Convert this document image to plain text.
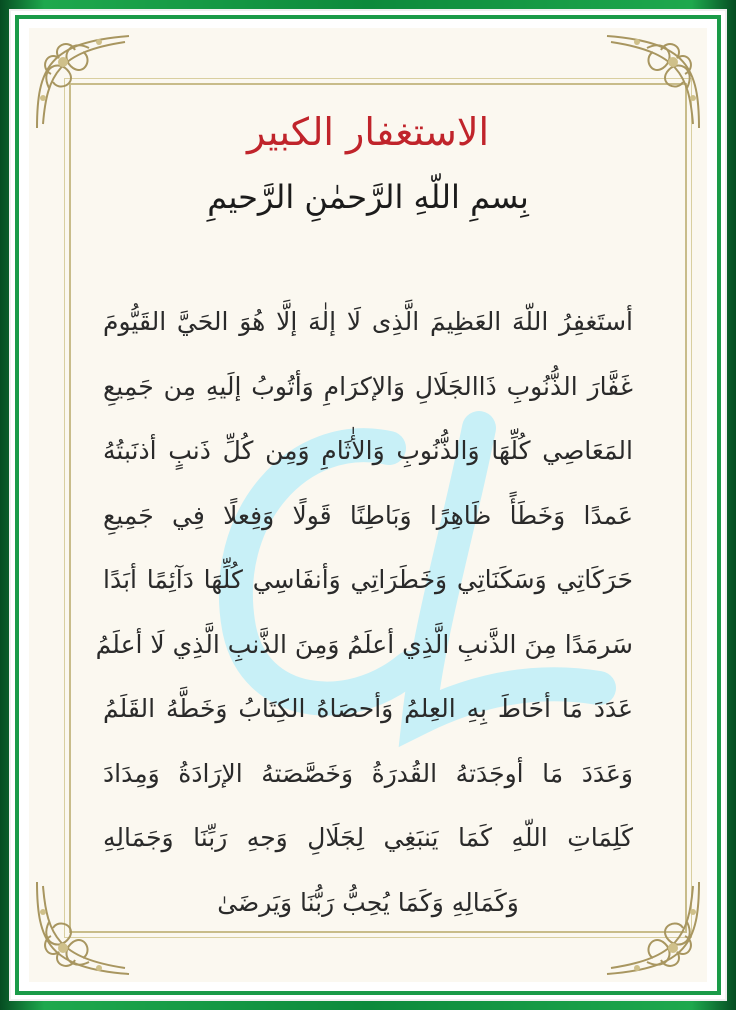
الاستغفار الكبير
بِسمِ اللّهِ الرَّحمٰنِ الرَّحيمِ
أستَغفِرُ اللّهَ العَظِيمَ الَّذِى لَا إلٰهَ إلَّا هُوَ الحَيَّ القَيُّومَ
غَفَّارَ الذُّنُوبِ ذَاالجَلَالِ وَالإكرَامِ وَأتُوبُ إلَيهِ مِن جَمِيعِ
المَعَاصِي كُلِّهَا وَالذُّنُوبِ وَالأٰثَامِ وَمِن كُلِّ ذَنبٍ أذنَبتُهُ
عَمدًا وَخَطَأً ظَاهِرًا وَبَاطِنًا قَولًا وَفِعلًا فِي جَمِيعِ
حَرَكَاتِي وَسَكَنَاتِي وَخَطَرَاتِي وَأنفَاسِي كُلِّهَا دَآئِمًا أبَدًا
سَرمَدًا مِنَ الذَّنبِ الَّذِي أعلَمُ وَمِنَ الذَّنبِ الَّذِي لَا أعلَمُ
عَدَدَ مَا أحَاطَ بِهِ العِلمُ وَأحصَاهُ الكِتَابُ وَخَطَّهُ القَلَمُ
وَعَدَدَ مَا أوجَدَتهُ القُدرَةُ وَخَصَّصَتهُ الإرَادَةُ وَمِدَادَ
كَلِمَاتِ اللّهِ كَمَا يَنبَغِي لِجَلَالِ وَجهِ رَبِّنَا وَجَمَالِهِ
وَكَمَالِهِ وَكَمَا يُحِبُّ رَبُّنَا وَيَرضَىٰ
